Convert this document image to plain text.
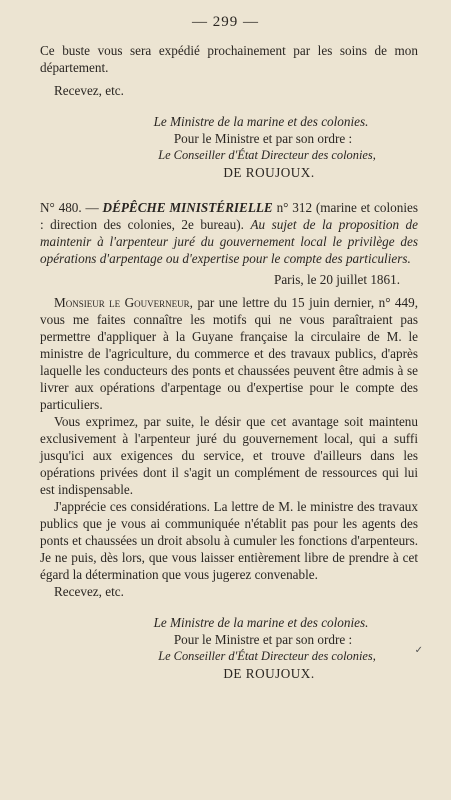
— 299 —

Ce buste vous sera expédié prochainement par les soins de mon département.

Recevez, etc.

Le Ministre de la marine et des colonies.
Pour le Ministre et par son ordre :
Le Conseiller d'État Directeur des colonies,
DE ROUJOUX.

N° 480. — DÉPÊCHE MINISTÉRIELLE n° 312 (marine et colonies : direction des colonies, 2e bureau). Au sujet de la proposition de maintenir à l'arpenteur juré du gouvernement local le privilège des opérations d'arpentage ou d'expertise pour le compte des particuliers.

Paris, le 20 juillet 1861.

Monsieur le Gouverneur, par une lettre du 15 juin dernier, n° 449, vous me faites connaître les motifs qui ne vous paraîtraient pas permettre d'appliquer à la Guyane française la circulaire de M. le ministre de l'agriculture, du commerce et des travaux publics, d'après laquelle les conducteurs des ponts et chaussées peuvent être admis à se livrer aux opérations d'arpentage ou d'expertise pour le compte des particuliers.

Vous exprimez, par suite, le désir que cet avantage soit maintenu exclusivement à l'arpenteur juré du gouvernement local, qui a suffi jusqu'ici aux exigences du service, et trouve d'ailleurs dans les opérations privées dont il s'agit un complément de ressources qui lui est indispensable.

J'apprécie ces considérations. La lettre de M. le ministre des travaux publics que je vous ai communiquée n'établit pas pour les agents des ponts et chaussées un droit absolu à cumuler les fonctions d'arpenteurs. Je ne puis, dès lors, que vous laisser entièrement libre de prendre à cet égard la détermination que vous jugerez convenable.

Recevez, etc.

Le Ministre de la marine et des colonies.
Pour le Ministre et par son ordre :
Le Conseiller d'État Directeur des colonies,
DE ROUJOUX.
✓
